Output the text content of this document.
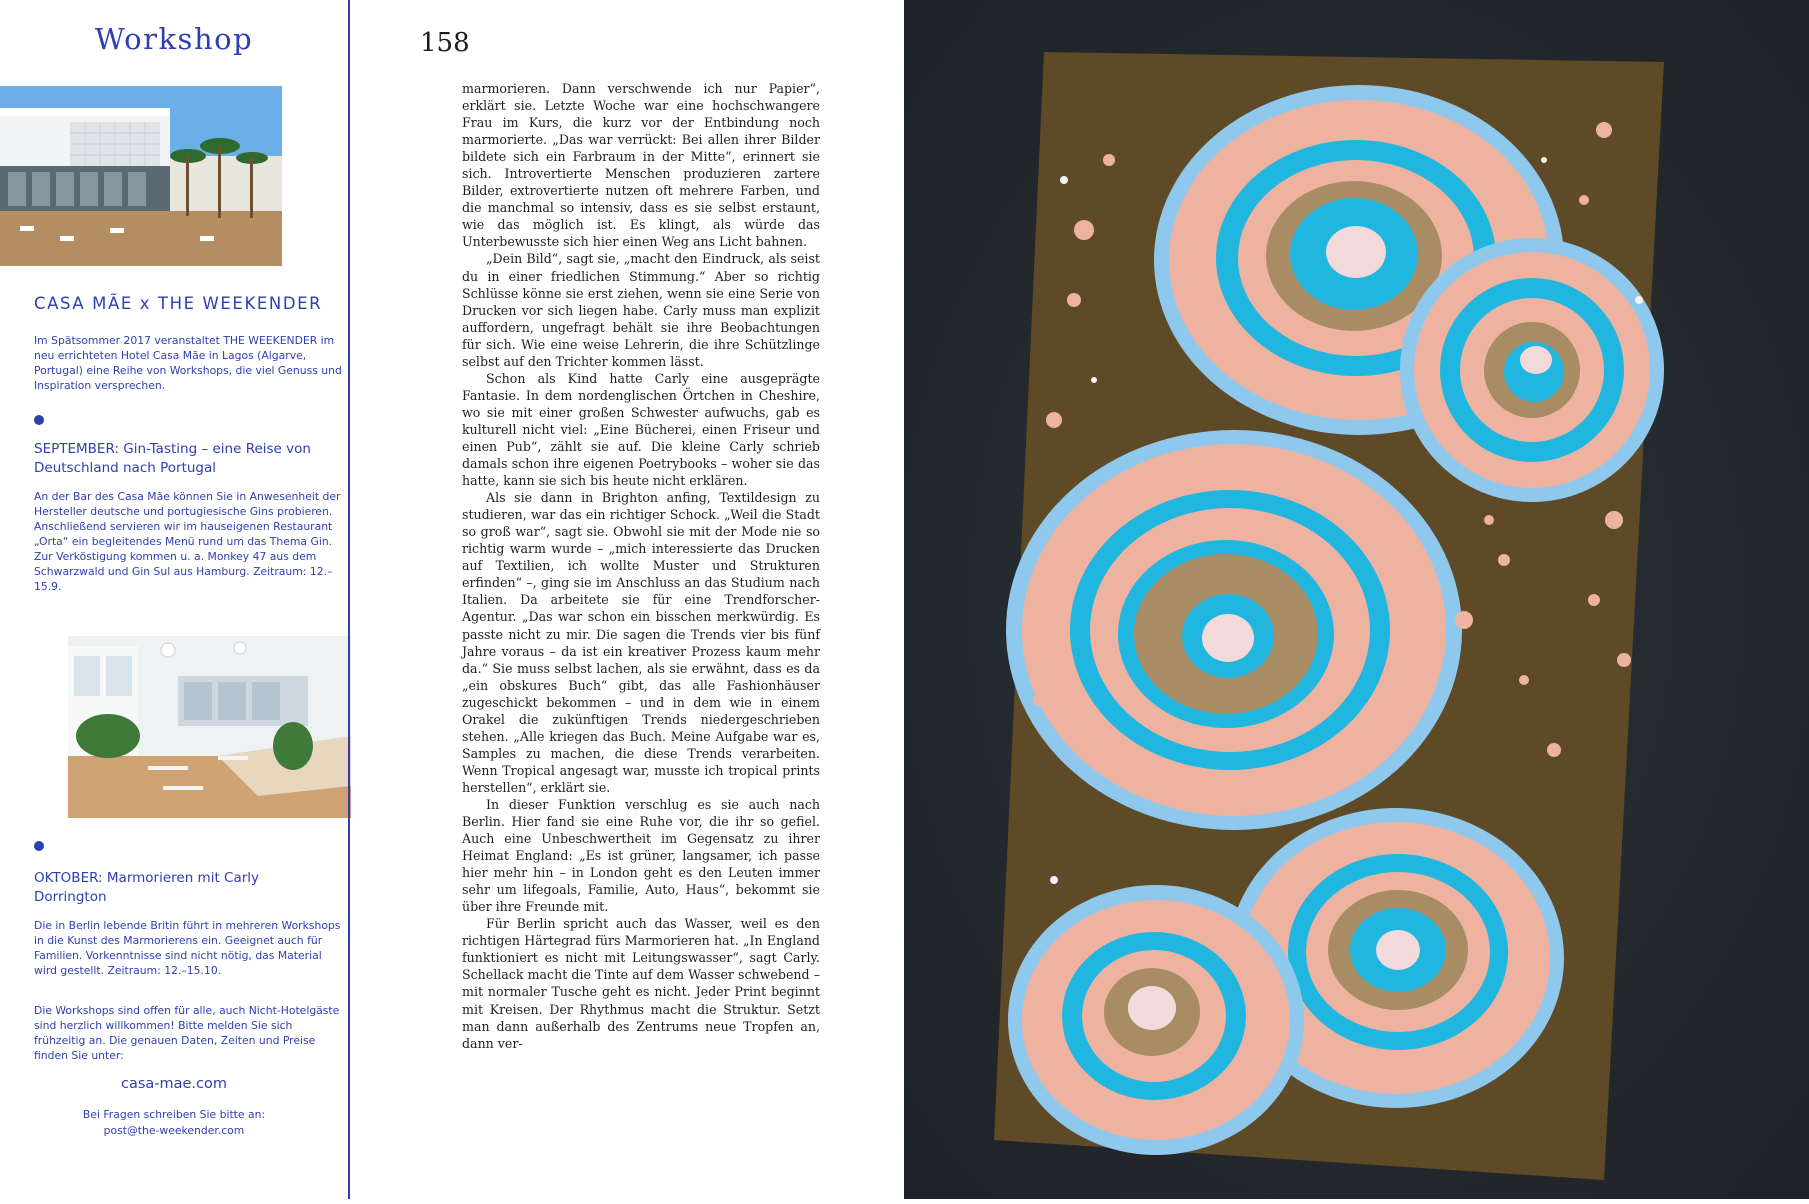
Workshop
CASA MÃE x THE WEEKENDER
Im Spätsommer 2017 veranstaltet THE WEEKENDER im neu errichteten Hotel Casa Mãe in Lagos (Algarve, Portugal) eine Reihe von Workshops, die viel Genuss und Inspiration versprechen.
SEPTEMBER: Gin-Tasting – eine Reise von Deutschland nach Portugal
An der Bar des Casa Mãe können Sie in Anwesenheit der Hersteller deutsche und portugiesische Gins probieren. Anschließend servieren wir im hauseigenen Restaurant „Orta“ ein begleitendes Menü rund um das Thema Gin. Zur Verköstigung kommen u. a. Monkey 47 aus dem Schwarzwald und Gin Sul aus Hamburg. Zeitraum: 12.–15.9.
OKTOBER: Marmorieren mit Carly Dorrington
Die in Berlin lebende Britin führt in mehreren Workshops in die Kunst des Marmorierens ein. Geeignet auch für Familien. Vorkenntnisse sind nicht nötig, das Material wird gestellt. Zeitraum: 12.–15.10.
Die Workshops sind offen für alle, auch Nicht-Hotelgäste sind herzlich willkommen! Bitte melden Sie sich frühzeitig an. Die genauen Daten, Zeiten und Preise finden Sie unter:
casa-mae.com
Bei Fragen schreiben Sie bitte an:
post@the-weekender.com
158

marmorieren. Dann verschwende ich nur Papier“, erklärt sie. Letzte Woche war eine hochschwangere Frau im Kurs, die kurz vor der Entbindung noch marmorierte. „Das war verrückt: Bei allen ihrer Bilder bildete sich ein Farbraum in der Mitte“, erinnert sie sich. Introvertierte Menschen produzieren zartere Bilder, extrovertierte nutzen oft mehrere Farben, und die manchmal so intensiv, dass es sie selbst erstaunt, wie das möglich ist. Es klingt, als würde das Unterbewusste sich hier einen Weg ans Licht bahnen.

„Dein Bild“, sagt sie, „macht den Eindruck, als seist du in einer friedlichen Stimmung.“ Aber so richtig Schlüsse könne sie erst ziehen, wenn sie eine Serie von Drucken vor sich liegen habe. Carly muss man explizit auffordern, ungefragt behält sie ihre Beobachtungen für sich. Wie eine weise Lehrerin, die ihre Schützlinge selbst auf den Trichter kommen lässt.

Schon als Kind hatte Carly eine ausgeprägte Fantasie. In dem nordenglischen Örtchen in Cheshire, wo sie mit einer großen Schwester aufwuchs, gab es kulturell nicht viel: „Eine Bücherei, einen Friseur und einen Pub“, zählt sie auf. Die kleine Carly schrieb damals schon ihre eigenen Poetrybooks – woher sie das hatte, kann sie sich bis heute nicht erklären.

Als sie dann in Brighton anfing, Textildesign zu studieren, war das ein richtiger Schock. „Weil die Stadt so groß war“, sagt sie. Obwohl sie mit der Mode nie so richtig warm wurde – „mich interessierte das Drucken auf Textilien, ich wollte Muster und Strukturen erfinden“ –, ging sie im Anschluss an das Studium nach Italien. Da arbeitete sie für eine Trendforscher-Agentur. „Das war schon ein bisschen merkwürdig. Es passte nicht zu mir. Die sagen die Trends vier bis fünf Jahre voraus – da ist ein kreativer Prozess kaum mehr da.“ Sie muss selbst lachen, als sie erwähnt, dass es da „ein obskures Buch“ gibt, das alle Fashionhäuser zugeschickt bekommen – und in dem wie in einem Orakel die zukünftigen Trends niedergeschrieben stehen. „Alle kriegen das Buch. Meine Aufgabe war es, Samples zu machen, die diese Trends verarbeiten. Wenn Tropical angesagt war, musste ich tropical prints herstellen“, erklärt sie.

In dieser Funktion verschlug es sie auch nach Berlin. Hier fand sie eine Ruhe vor, die ihr so gefiel. Auch eine Unbeschwertheit im Gegensatz zu ihrer Heimat England: „Es ist grüner, langsamer, ich passe hier mehr hin – in London geht es den Leuten immer sehr um lifegoals, Familie, Auto, Haus“, bekommt sie über ihre Freunde mit.

Für Berlin spricht auch das Wasser, weil es den richtigen Härtegrad fürs Marmorieren hat. „In England funktioniert es nicht mit Leitungswasser“, sagt Carly. Schellack macht die Tinte auf dem Wasser schwebend – mit normaler Tusche geht es nicht. Jeder Print beginnt mit Kreisen. Der Rhythmus macht die Struktur. Setzt man dann außerhalb des Zentrums neue Tropfen an, dann ver-
